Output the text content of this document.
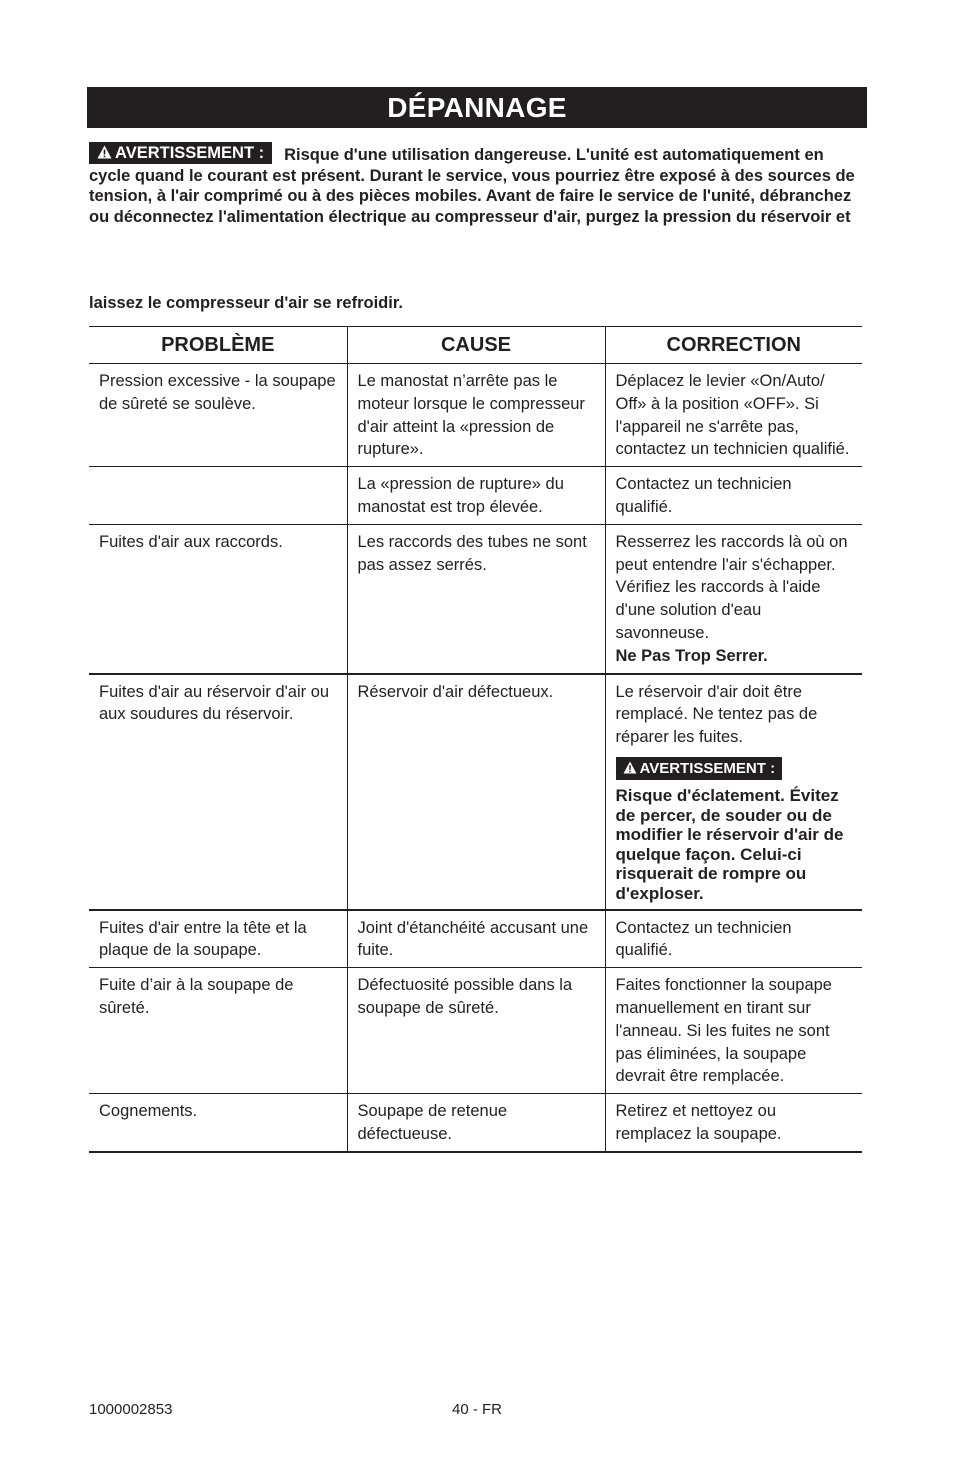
DÉPANNAGE
AVERTISSEMENT : Risque d'une utilisation dangereuse. L'unité est automatiquement en cycle quand le courant est présent. Durant le service, vous pourriez être exposé à des sources de tension, à l'air comprimé ou à des pièces mobiles. Avant de faire le service de l'unité, débranchez ou déconnectez l'alimentation électrique au compresseur d'air, purgez la pression du réservoir et
laissez le compresseur d'air se refroidir.
PROBLÈME	CAUSE	CORRECTION
Pression excessive - la soupape de sûreté se soulève.	Le manostat n’arrête pas le moteur lorsque le compresseur d'air atteint la «pression de rupture».	Déplacez le levier «On/Auto/ Off» à la position «OFF». Si l'appareil ne s'arrête pas, contactez un technicien qualifié.
	La «pression de rupture» du manostat est trop élevée.	Contactez un technicien qualifié.
Fuites d'air aux raccords.	Les raccords des tubes ne sont pas assez serrés.	Resserrez les raccords là où on peut entendre l'air s'échapper. Vérifiez les raccords à l'aide d'une solution d'eau savonneuse.
Ne Pas Trop Serrer.

Fuites d'air au réservoir d'air ou aux soudures du réservoir.	Réservoir d'air défectueux.	Le réservoir d'air doit être remplacé. Ne tentez pas de réparer les fuites.
AVERTISSEMENT :
Risque d'éclatement. Évitez de percer, de souder ou de modifier le réservoir d'air de quelque façon. Celui-ci risquerait de rompre ou d'exploser.

Fuites d'air entre la tête et la plaque de la soupape.	Joint d'étanchéité accusant une fuite.	Contactez un technicien qualifié.
Fuite d’air à la soupape de sûreté.	Défectuosité possible dans la soupape de sûreté.	Faites fonctionner la soupape manuellement en tirant sur l'anneau. Si les fuites ne sont pas éliminées, la soupape devrait être remplacée.
Cognements.	Soupape de retenue défectueuse.	Retirez et nettoyez ou remplacez la soupape.
1000002853	40 - FR
